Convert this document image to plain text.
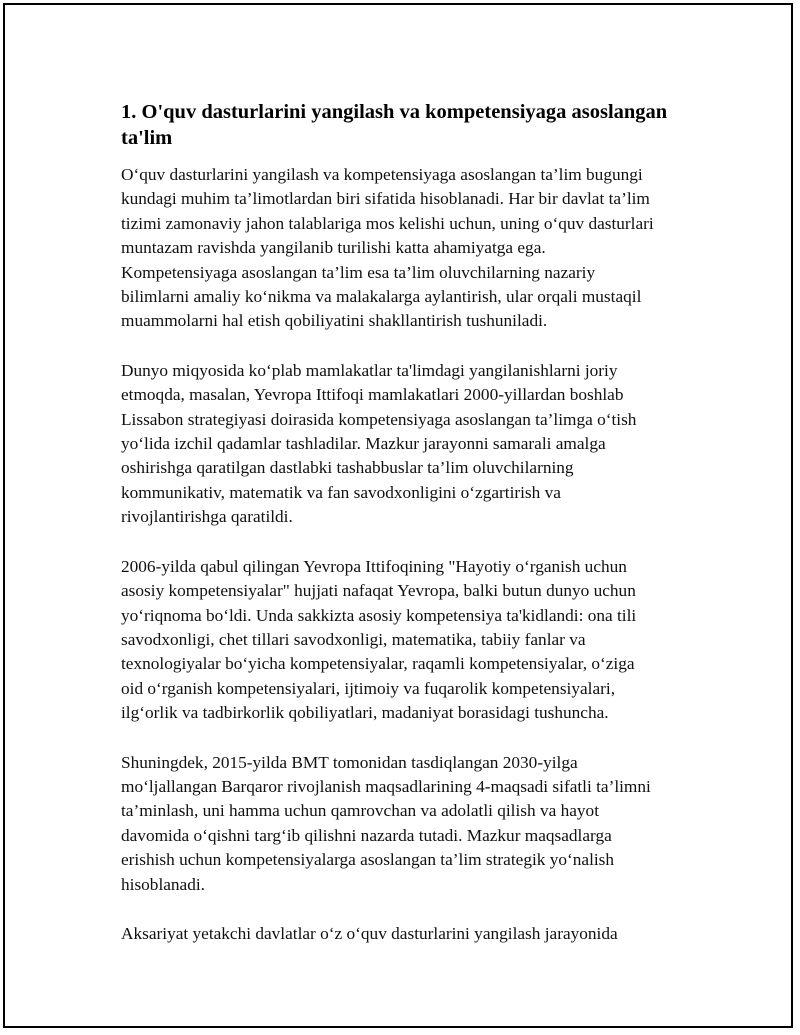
1. O'quv dasturlarini yangilash va kompetensiyaga asoslangan ta'lim

O‘quv dasturlarini yangilash va kompetensiyaga asoslangan ta’lim bugungi
kundagi muhim ta’limotlardan biri sifatida hisoblanadi. Har bir davlat ta’lim
tizimi zamonaviy jahon talablariga mos kelishi uchun, uning o‘quv dasturlari
muntazam ravishda yangilanib turilishi katta ahamiyatga ega.
Kompetensiyaga asoslangan ta’lim esa ta’lim oluvchilarning nazariy
bilimlarni amaliy ko‘nikma va malakalarga aylantirish, ular orqali mustaqil
muammolarni hal etish qobiliyatini shakllantirish tushuniladi.

Dunyo miqyosida ko‘plab mamlakatlar ta'limdagi yangilanishlarni joriy
etmoqda, masalan, Yevropa Ittifoqi mamlakatlari 2000-yillardan boshlab
Lissabon strategiyasi doirasida kompetensiyaga asoslangan ta’limga o‘tish
yo‘lida izchil qadamlar tashladilar. Mazkur jarayonni samarali amalga
oshirishga qaratilgan dastlabki tashabbuslar ta’lim oluvchilarning
kommunikativ, matematik va fan savodxonligini o‘zgartirish va
rivojlantirishga qaratildi.

2006-yilda qabul qilingan Yevropa Ittifoqining "Hayotiy o‘rganish uchun
asosiy kompetensiyalar" hujjati nafaqat Yevropa, balki butun dunyo uchun
yo‘riqnoma bo‘ldi. Unda sakkizta asosiy kompetensiya ta'kidlandi: ona tili
savodxonligi, chet tillari savodxonligi, matematika, tabiiy fanlar va
texnologiyalar bo‘yicha kompetensiyalar, raqamli kompetensiyalar, o‘ziga
oid o‘rganish kompetensiyalari, ijtimoiy va fuqarolik kompetensiyalari,
ilg‘orlik va tadbirkorlik qobiliyatlari, madaniyat borasidagi tushuncha.

Shuningdek, 2015-yilda BMT tomonidan tasdiqlangan 2030-yilga
mo‘ljallangan Barqaror rivojlanish maqsadlarining 4-maqsadi sifatli ta’limni
ta’minlash, uni hamma uchun qamrovchan va adolatli qilish va hayot
davomida o‘qishni targ‘ib qilishni nazarda tutadi. Mazkur maqsadlarga
erishish uchun kompetensiyalarga asoslangan ta’lim strategik yo‘nalish
hisoblanadi.

Aksariyat yetakchi davlatlar o‘z o‘quv dasturlarini yangilash jarayonida
